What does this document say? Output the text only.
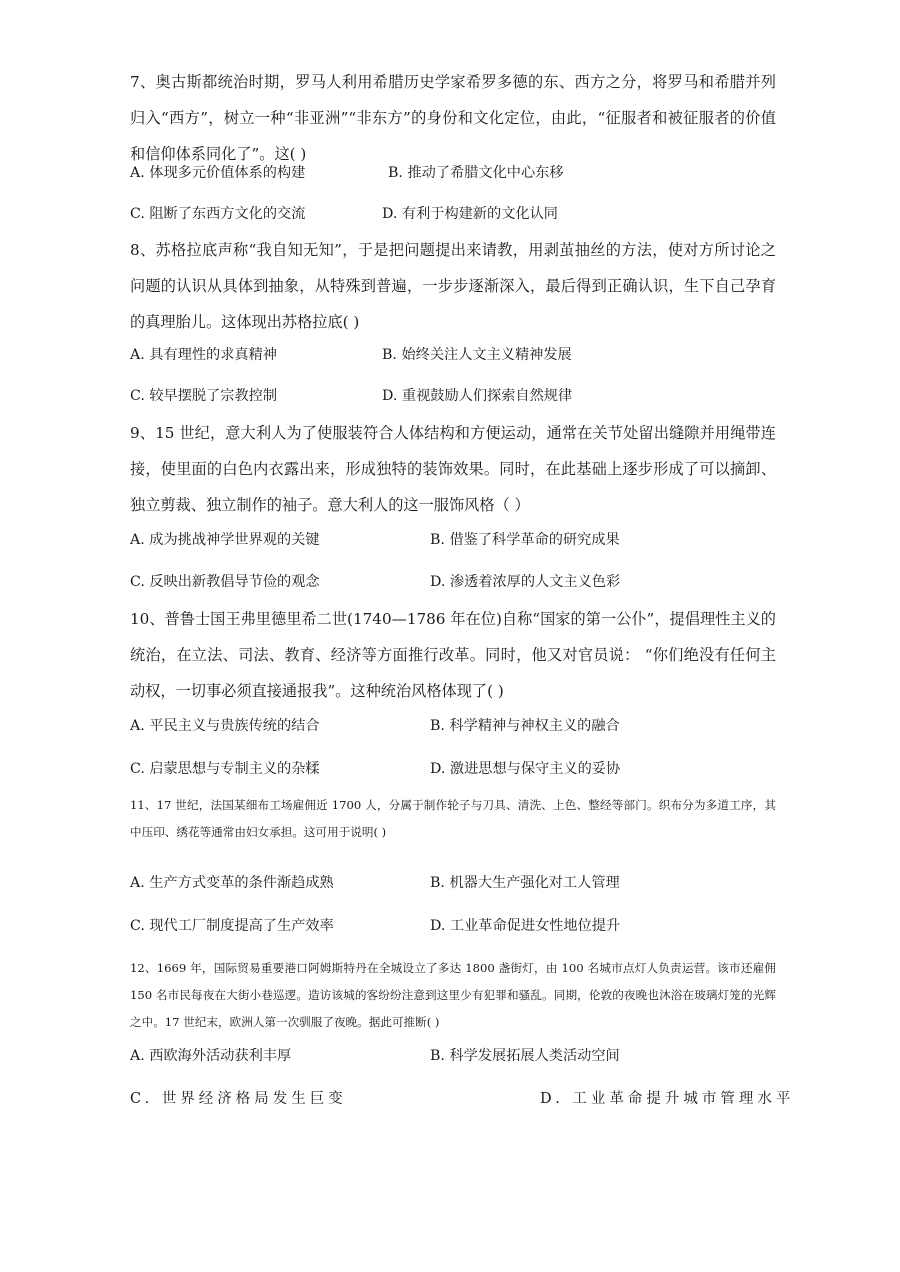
7、奥古斯都统治时期，罗马人利用希腊历史学家希罗多德的东、西方之分，将罗马和希腊并列归入“西方”，树立一种“非亚洲”“非东方”的身份和文化定位，由此，“征服者和被征服者的价值和信仰体系同化了”。这( )
A. 体现多元价值体系的构建	B. 推动了希腊文化中心东移
C. 阻断了东西方文化的交流	D. 有利于构建新的文化认同
8、苏格拉底声称“我自知无知”，于是把问题提出来请教，用剥茧抽丝的方法，使对方所讨论之问题的认识从具体到抽象，从特殊到普遍，一步步逐渐深入，最后得到正确认识，生下自己孕育的真理胎儿。这体现出苏格拉底( )
A. 具有理性的求真精神	B. 始终关注人文主义精神发展
C. 较早摆脱了宗教控制	D. 重视鼓励人们探索自然规律
9、15 世纪，意大利人为了使服装符合人体结构和方便运动，通常在关节处留出缝隙并用绳带连接，使里面的白色内衣露出来，形成独特的装饰效果。同时，在此基础上逐步形成了可以摘卸、独立剪裁、独立制作的袖子。意大利人的这一服饰风格（ ）
A. 成为挑战神学世界观的关键	B. 借鉴了科学革命的研究成果
C. 反映出新教倡导节俭的观念	D. 渗透着浓厚的人文主义色彩
10、普鲁士国王弗里德里希二世(1740—1786 年在位)自称“国家的第一公仆”，提倡理性主义的统治，在立法、司法、教育、经济等方面推行改革。同时，他又对官员说： “你们绝没有任何主动权，一切事必须直接通报我”。这种统治风格体现了( )
A. 平民主义与贵族传统的结合	B. 科学精神与神权主义的融合
C. 启蒙思想与专制主义的杂糅	D. 激进思想与保守主义的妥协
11、17 世纪，法国某细布工场雇佣近 1700 人，分属于制作轮子与刀具、清洗、上色、整经等部门。织布分为多道工序，其中压印、绣花等通常由妇女承担。这可用于说明( )
A. 生产方式变革的条件渐趋成熟	B. 机器大生产强化对工人管理
C. 现代工厂制度提高了生产效率	D. 工业革命促进女性地位提升
12、1669 年，国际贸易重要港口阿姆斯特丹在全城设立了多达 1800 盏街灯，由 100 名城市点灯人负责运营。该市还雇佣 150 名市民每夜在大街小巷巡逻。造访该城的客纷纷注意到这里少有犯罪和骚乱。同期，伦敦的夜晚也沐浴在玻璃灯笼的光辉之中。17 世纪末，欧洲人第一次驯服了夜晚。据此可推断( )
A. 西欧海外活动获利丰厚	B. 科学发展拓展人类活动空间
C. 世界经济格局发生巨变	D. 工业革命提升城市管理水平
